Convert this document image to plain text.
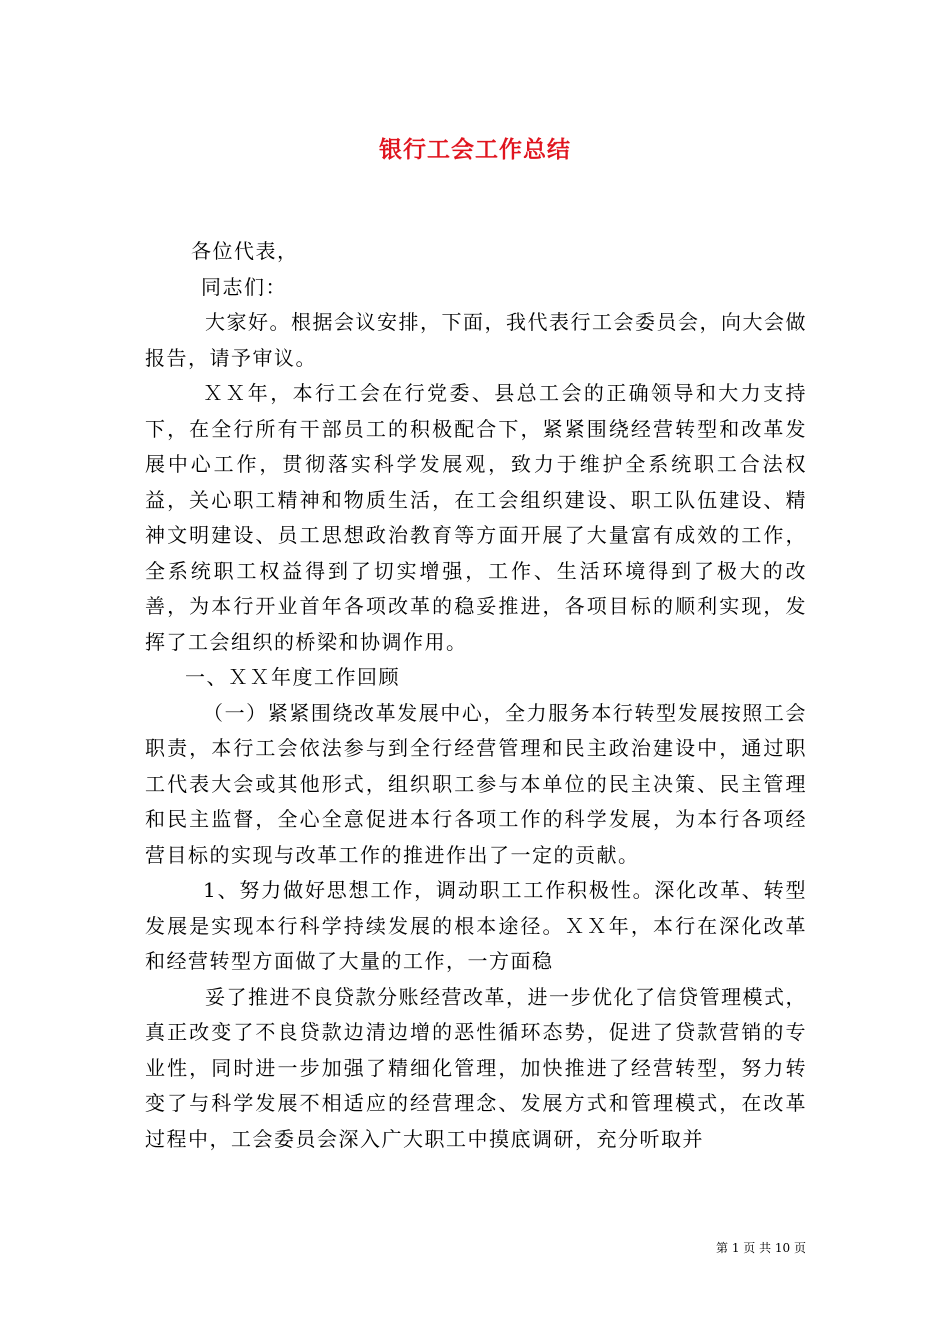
银行工会工作总结

各位代表，

同志们：

大家好。根据会议安排，下面，我代表行工会委员会，向大会做报告，请予审议。

ＸＸ年，本行工会在行党委、县总工会的正确领导和大力支持下，在全行所有干部员工的积极配合下，紧紧围绕经营转型和改革发展中心工作，贯彻落实科学发展观，致力于维护全系统职工合法权益，关心职工精神和物质生活，在工会组织建设、职工队伍建设、精神文明建设、员工思想政治教育等方面开展了大量富有成效的工作，全系统职工权益得到了切实增强，工作、生活环境得到了极大的改善，为本行开业首年各项改革的稳妥推进，各项目标的顺利实现，发挥了工会组织的桥梁和协调作用。

一、ＸＸ年度工作回顾

（一）紧紧围绕改革发展中心，全力服务本行转型发展按照工会职责，本行工会依法参与到全行经营管理和民主政治建设中，通过职工代表大会或其他形式，组织职工参与本单位的民主决策、民主管理和民主监督，全心全意促进本行各项工作的科学发展，为本行各项经营目标的实现与改革工作的推进作出了一定的贡献。

1、努力做好思想工作，调动职工工作积极性。深化改革、转型发展是实现本行科学持续发展的根本途径。ＸＸ年，本行在深化改革和经营转型方面做了大量的工作，一方面稳

妥了推进不良贷款分账经营改革，进一步优化了信贷管理模式，真正改变了不良贷款边清边增的恶性循环态势，促进了贷款营销的专业性，同时进一步加强了精细化管理，加快推进了经营转型，努力转变了与科学发展不相适应的经营理念、发展方式和管理模式，在改革过程中，工会委员会深入广大职工中摸底调研，充分听取并

第 1 页 共 10 页
